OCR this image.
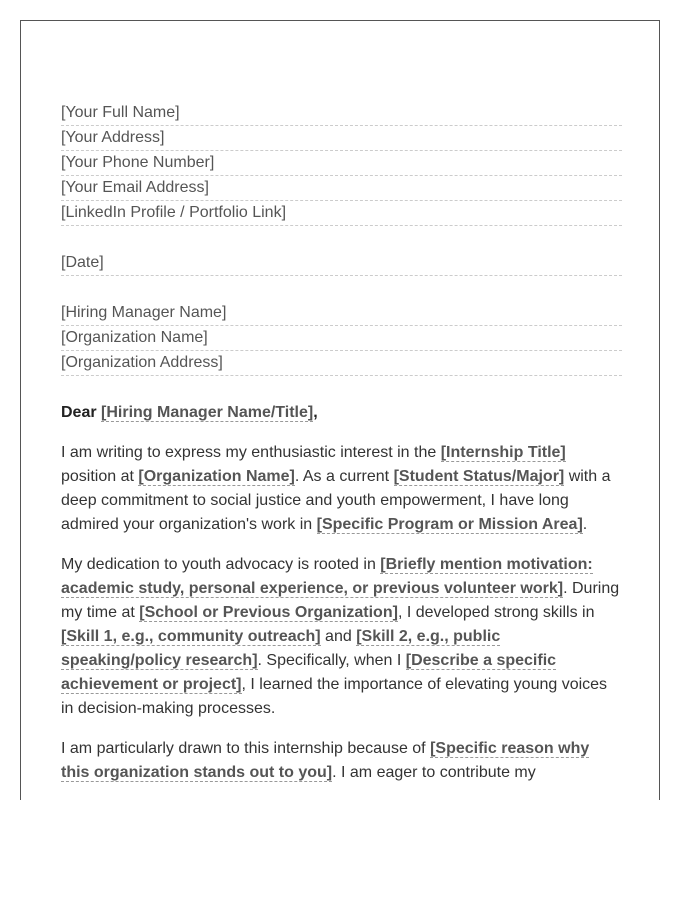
[Your Full Name]
[Your Address]
[Your Phone Number]
[Your Email Address]
[LinkedIn Profile / Portfolio Link]
[Date]
[Hiring Manager Name]
[Organization Name]
[Organization Address]
Dear [Hiring Manager Name/Title],

I am writing to express my enthusiastic interest in the [Internship Title] position at [Organization Name]. As a current [Student Status/Major] with a deep commitment to social justice and youth empowerment, I have long admired your organization's work in [Specific Program or Mission Area].

My dedication to youth advocacy is rooted in [Briefly mention motivation: academic study, personal experience, or previous volunteer work]. During my time at [School or Previous Organization], I developed strong skills in [Skill 1, e.g., community outreach] and [Skill 2, e.g., public speaking/policy research]. Specifically, when I [Describe a specific achievement or project], I learned the importance of elevating young voices in decision-making processes.

I am particularly drawn to this internship because of [Specific reason why this organization stands out to you]. I am eager to contribute my
